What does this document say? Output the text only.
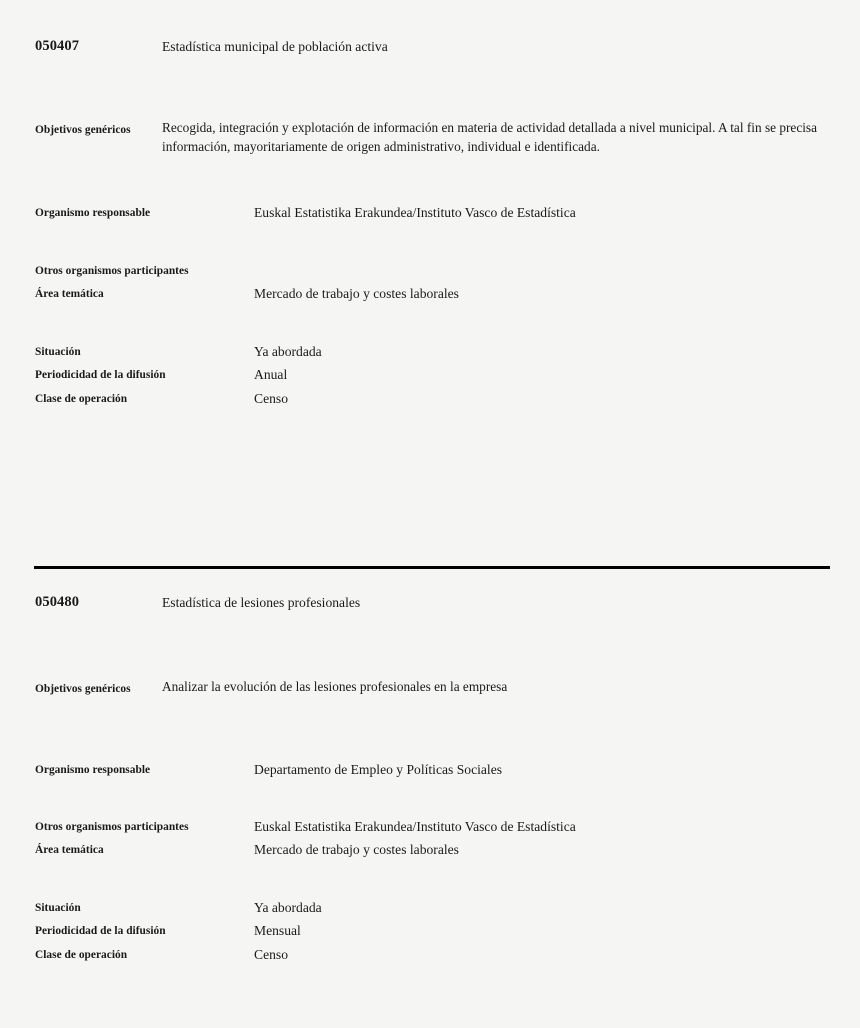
050407	Estadística municipal de población activa
Objetivos genéricos Recogida, integración y explotación de información en materia de actividad detallada a nivel municipal. A tal fin se precisa información, mayoritariamente de origen administrativo, individual e identificada.
Organismo responsable	Euskal Estatistika Erakundea/Instituto Vasco de Estadística
Otros organismos participantes
Área temática	Mercado de trabajo y costes laborales
Situación	Ya abordada
Periodicidad de la difusión	Anual
Clase de operación	Censo
050480	Estadística de lesiones profesionales
Objetivos genéricos Analizar la evolución de las lesiones profesionales en la empresa
Organismo responsable	Departamento de Empleo y Políticas Sociales
Otros organismos participantes	Euskal Estatistika Erakundea/Instituto Vasco de Estadística
Área temática	Mercado de trabajo y costes laborales
Situación	Ya abordada
Periodicidad de la difusión	Mensual
Clase de operación	Censo
